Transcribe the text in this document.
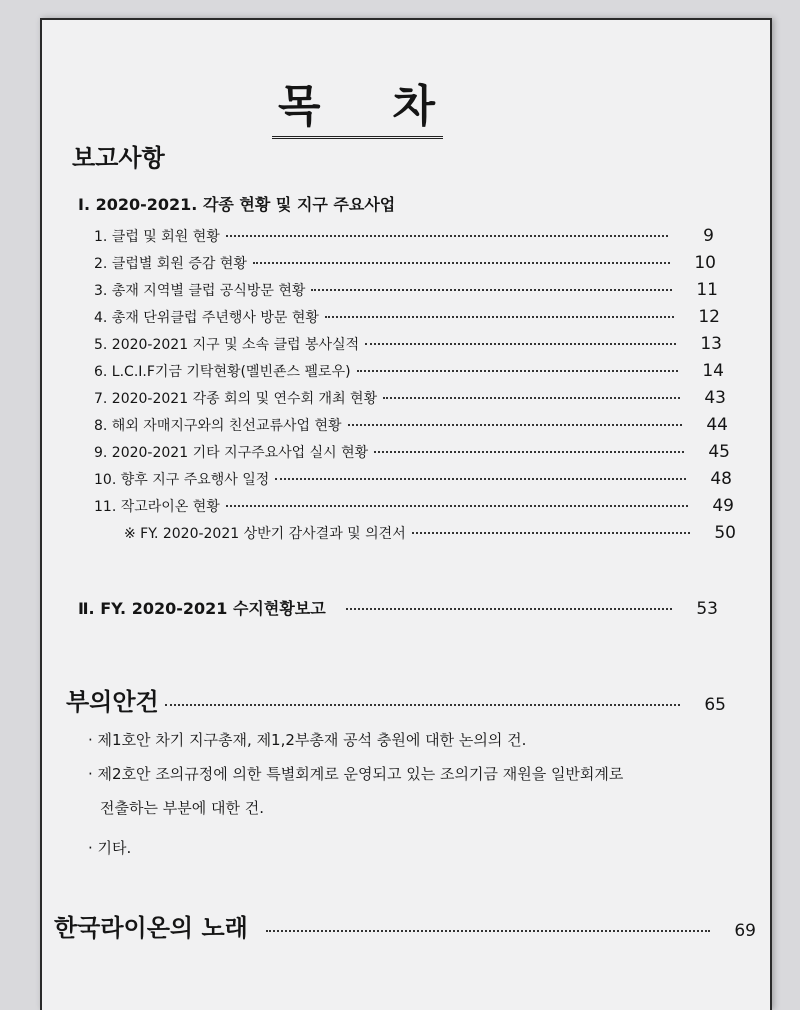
목 차
보고사항
Ⅰ. 2020-2021. 각종 현황 및 지구 주요사업
1. 클럽 및 회원 현황	9
2. 클럽별 회원 증감 현황	10
3. 총재 지역별 클럽 공식방문 현황	11
4. 총재 단위클럽 주년행사 방문 현황	12
5. 2020-2021 지구 및 소속 클럽 봉사실적	13
6. L.C.I.F기금 기탁현황(멜빈죤스 펠로우)	14
7. 2020-2021 각종 회의 및 연수회 개최 현황	43
8. 해외 자매지구와의 친선교류사업 현황	44
9. 2020-2021 기타 지구주요사업 실시 현황	45
10. 향후 지구 주요행사 일정	48
11. 작고라이온 현황	49
※ FY. 2020-2021 상반기 감사결과 및 의견서	50
Ⅱ. FY. 2020-2021 수지현황보고	53
부의안건	65
· 제1호안 차기 지구총재, 제1,2부총재 공석 충원에 대한 논의의 건.
· 제2호안 조의규정에 의한 특별회계로 운영되고 있는 조의기금 재원을 일반회계로
전출하는 부분에 대한 건.
· 기타.
한국라이온의 노래	69
